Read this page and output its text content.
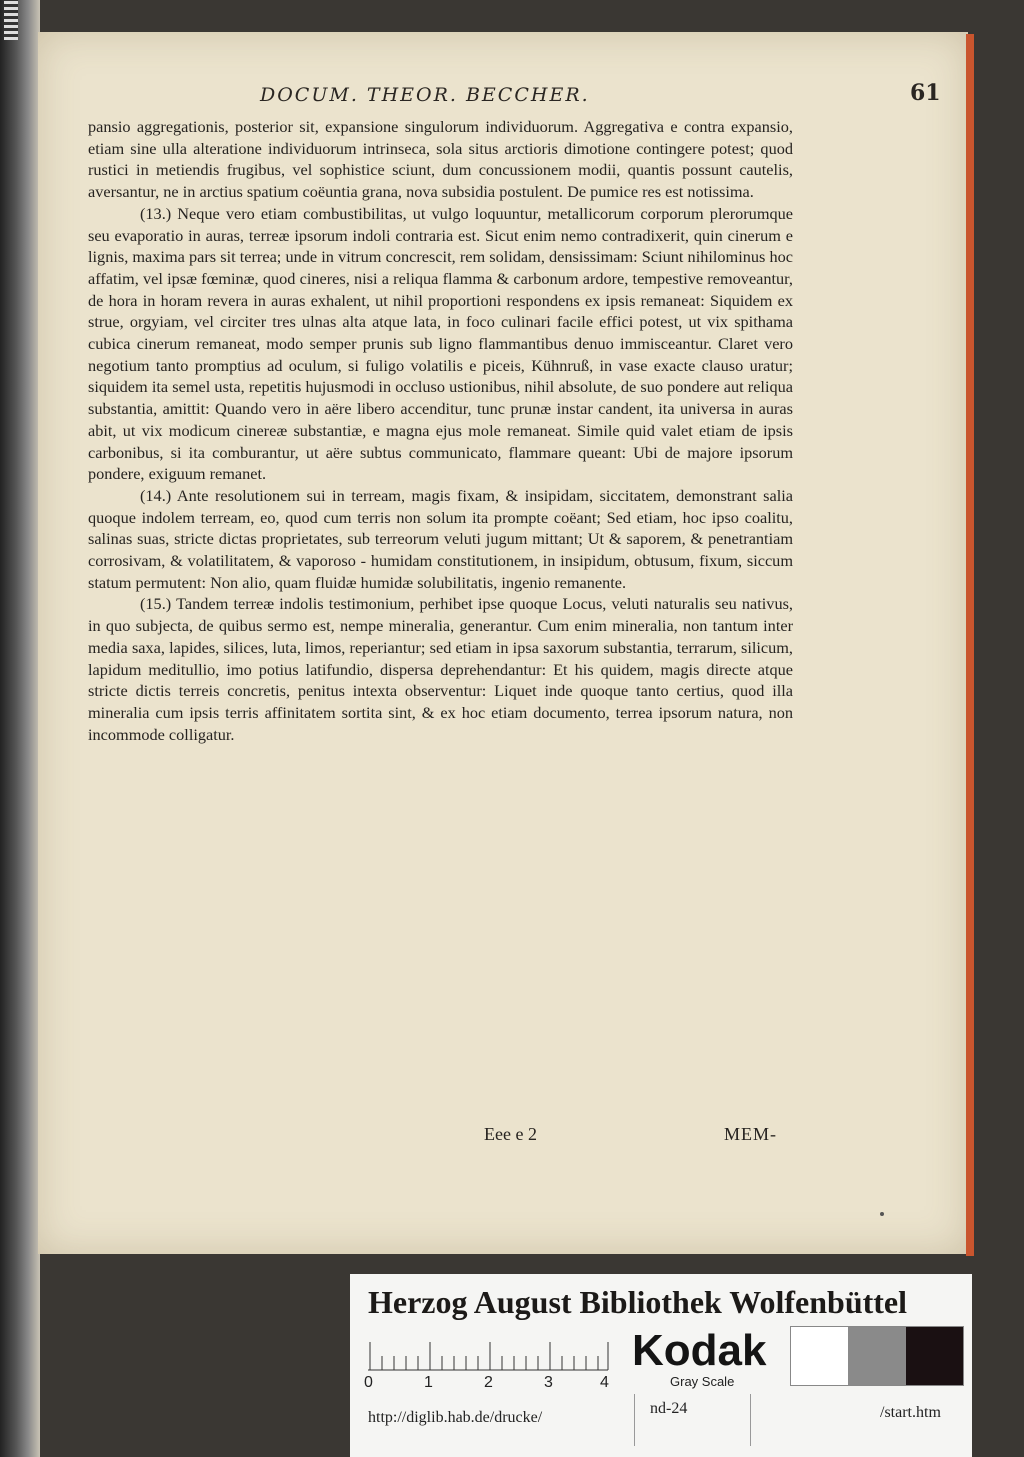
DOCUM. THEOR. BECCHER.	61

pansio aggregationis, posterior sit, expansione singulorum individuorum. Aggregativa e contra expansio, etiam sine ulla alteratione individuorum intrinseca, sola situs arctioris dimotione contingere potest; quod rustici in metiendis frugibus, vel sophistice sciunt, dum concussionem modii, quantis possunt cautelis, aversantur, ne in arctius spatium coëuntia grana, nova subsidia postulent. De pumice res est notissima.

(13.) Neque vero etiam combustibilitas, ut vulgo loquuntur, metallicorum corporum plerorumque seu evaporatio in auras, terreæ ipsorum indoli contraria est. Sicut enim nemo contradixerit, quin cinerum e lignis, maxima pars sit terrea; unde in vitrum concrescit, rem solidam, densissimam: Sciunt nihilominus hoc affatim, vel ipsæ fœminæ, quod cineres, nisi a reliqua flamma & carbonum ardore, tempestive removeantur, de hora in horam revera in auras exhalent, ut nihil proportioni respondens ex ipsis remaneat: Siquidem ex strue, orgyiam, vel circiter tres ulnas alta atque lata, in foco culinari facile effici potest, ut vix spithama cubica cinerum remaneat, modo semper prunis sub ligno flammantibus denuo immisceantur. Claret vero negotium tanto promptius ad oculum, si fuligo volatilis e piceis, Kühnruß, in vase exacte clauso uratur; siquidem ita semel usta, repetitis hujusmodi in occluso ustionibus, nihil absolute, de suo pondere aut reliqua substantia, amittit: Quando vero in aëre libero accenditur, tunc prunæ instar candent, ita universa in auras abit, ut vix modicum cinereæ substantiæ, e magna ejus mole remaneat. Simile quid valet etiam de ipsis carbonibus, si ita comburantur, ut aëre subtus communicato, flammare queant: Ubi de majore ipsorum pondere, exiguum remanet.

(14.) Ante resolutionem sui in terream, magis fixam, & insipidam, siccitatem, demonstrant salia quoque indolem terream, eo, quod cum terris non solum ita prompte coëant; Sed etiam, hoc ipso coalitu, salinas suas, stricte dictas proprietates, sub terreorum veluti jugum mittant; Ut & saporem, & penetrantiam corrosivam, & volatilitatem, & vaporoso - humidam constitutionem, in insipidum, obtusum, fixum, siccum statum permutent: Non alio, quam fluidæ humidæ solubilitatis, ingenio remanente.

(15.) Tandem terreæ indolis testimonium, perhibet ipse quoque Locus, veluti naturalis seu nativus, in quo subjecta, de quibus sermo est, nempe mineralia, generantur. Cum enim mineralia, non tantum inter media saxa, lapides, silices, luta, limos, reperiantur; sed etiam in ipsa saxorum substantia, terrarum, silicum, lapidum meditullio, imo potius latifundio, dispersa deprehendantur: Et his quidem, magis directe atque stricte dictis terreis concretis, penitus intexta observentur: Liquet inde quoque tanto certius, quod illa mineralia cum ipsis terris affinitatem sortita sint, & ex hoc etiam documento, terrea ipsorum natura, non incommode colligatur.

Eee e 2	MEM-
Herzog August Bibliothek Wolfenbüttel
0	1	2	3	4
Kodak
Gray Scale
http://diglib.hab.de/drucke/
nd-24	/start.htm
